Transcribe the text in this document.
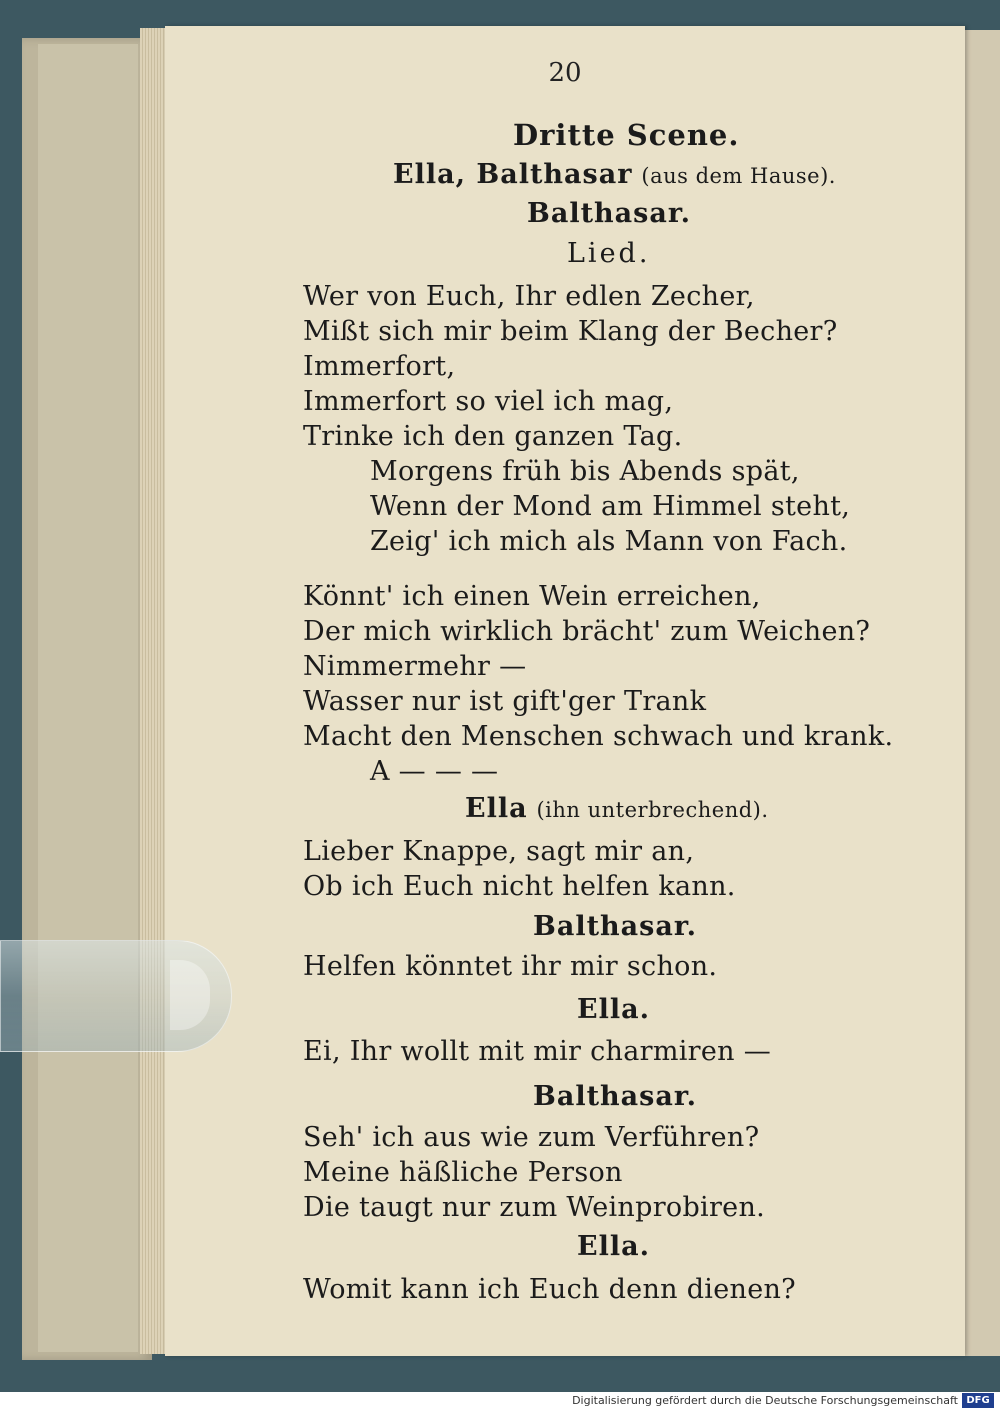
20
Dritte Scene.
Ella, Balthasar (aus dem Hause).
Balthasar.
Lied.
Wer von Euch, Ihr edlen Zecher,
Mißt sich mir beim Klang der Becher?
Immerfort,
Immerfort so viel ich mag,
Trinke ich den ganzen Tag.
Morgens früh bis Abends spät,
Wenn der Mond am Himmel steht,
Zeig' ich mich als Mann von Fach.
Könnt' ich einen Wein erreichen,
Der mich wirklich brächt' zum Weichen?
Nimmermehr —
Wasser nur ist gift'ger Trank
Macht den Menschen schwach und krank.
A — — —
Ella (ihn unterbrechend).
Lieber Knappe, sagt mir an,
Ob ich Euch nicht helfen kann.
Balthasar.
Helfen könntet ihr mir schon.
Ella.
Ei, Ihr wollt mit mir charmiren —
Balthasar.
Seh' ich aus wie zum Verführen?
Meine häßliche Person
Die taugt nur zum Weinprobiren.
Ella.
Womit kann ich Euch denn dienen?
Digitalisierung gefördert durch die Deutsche Forschungsgemeinschaft DFG
